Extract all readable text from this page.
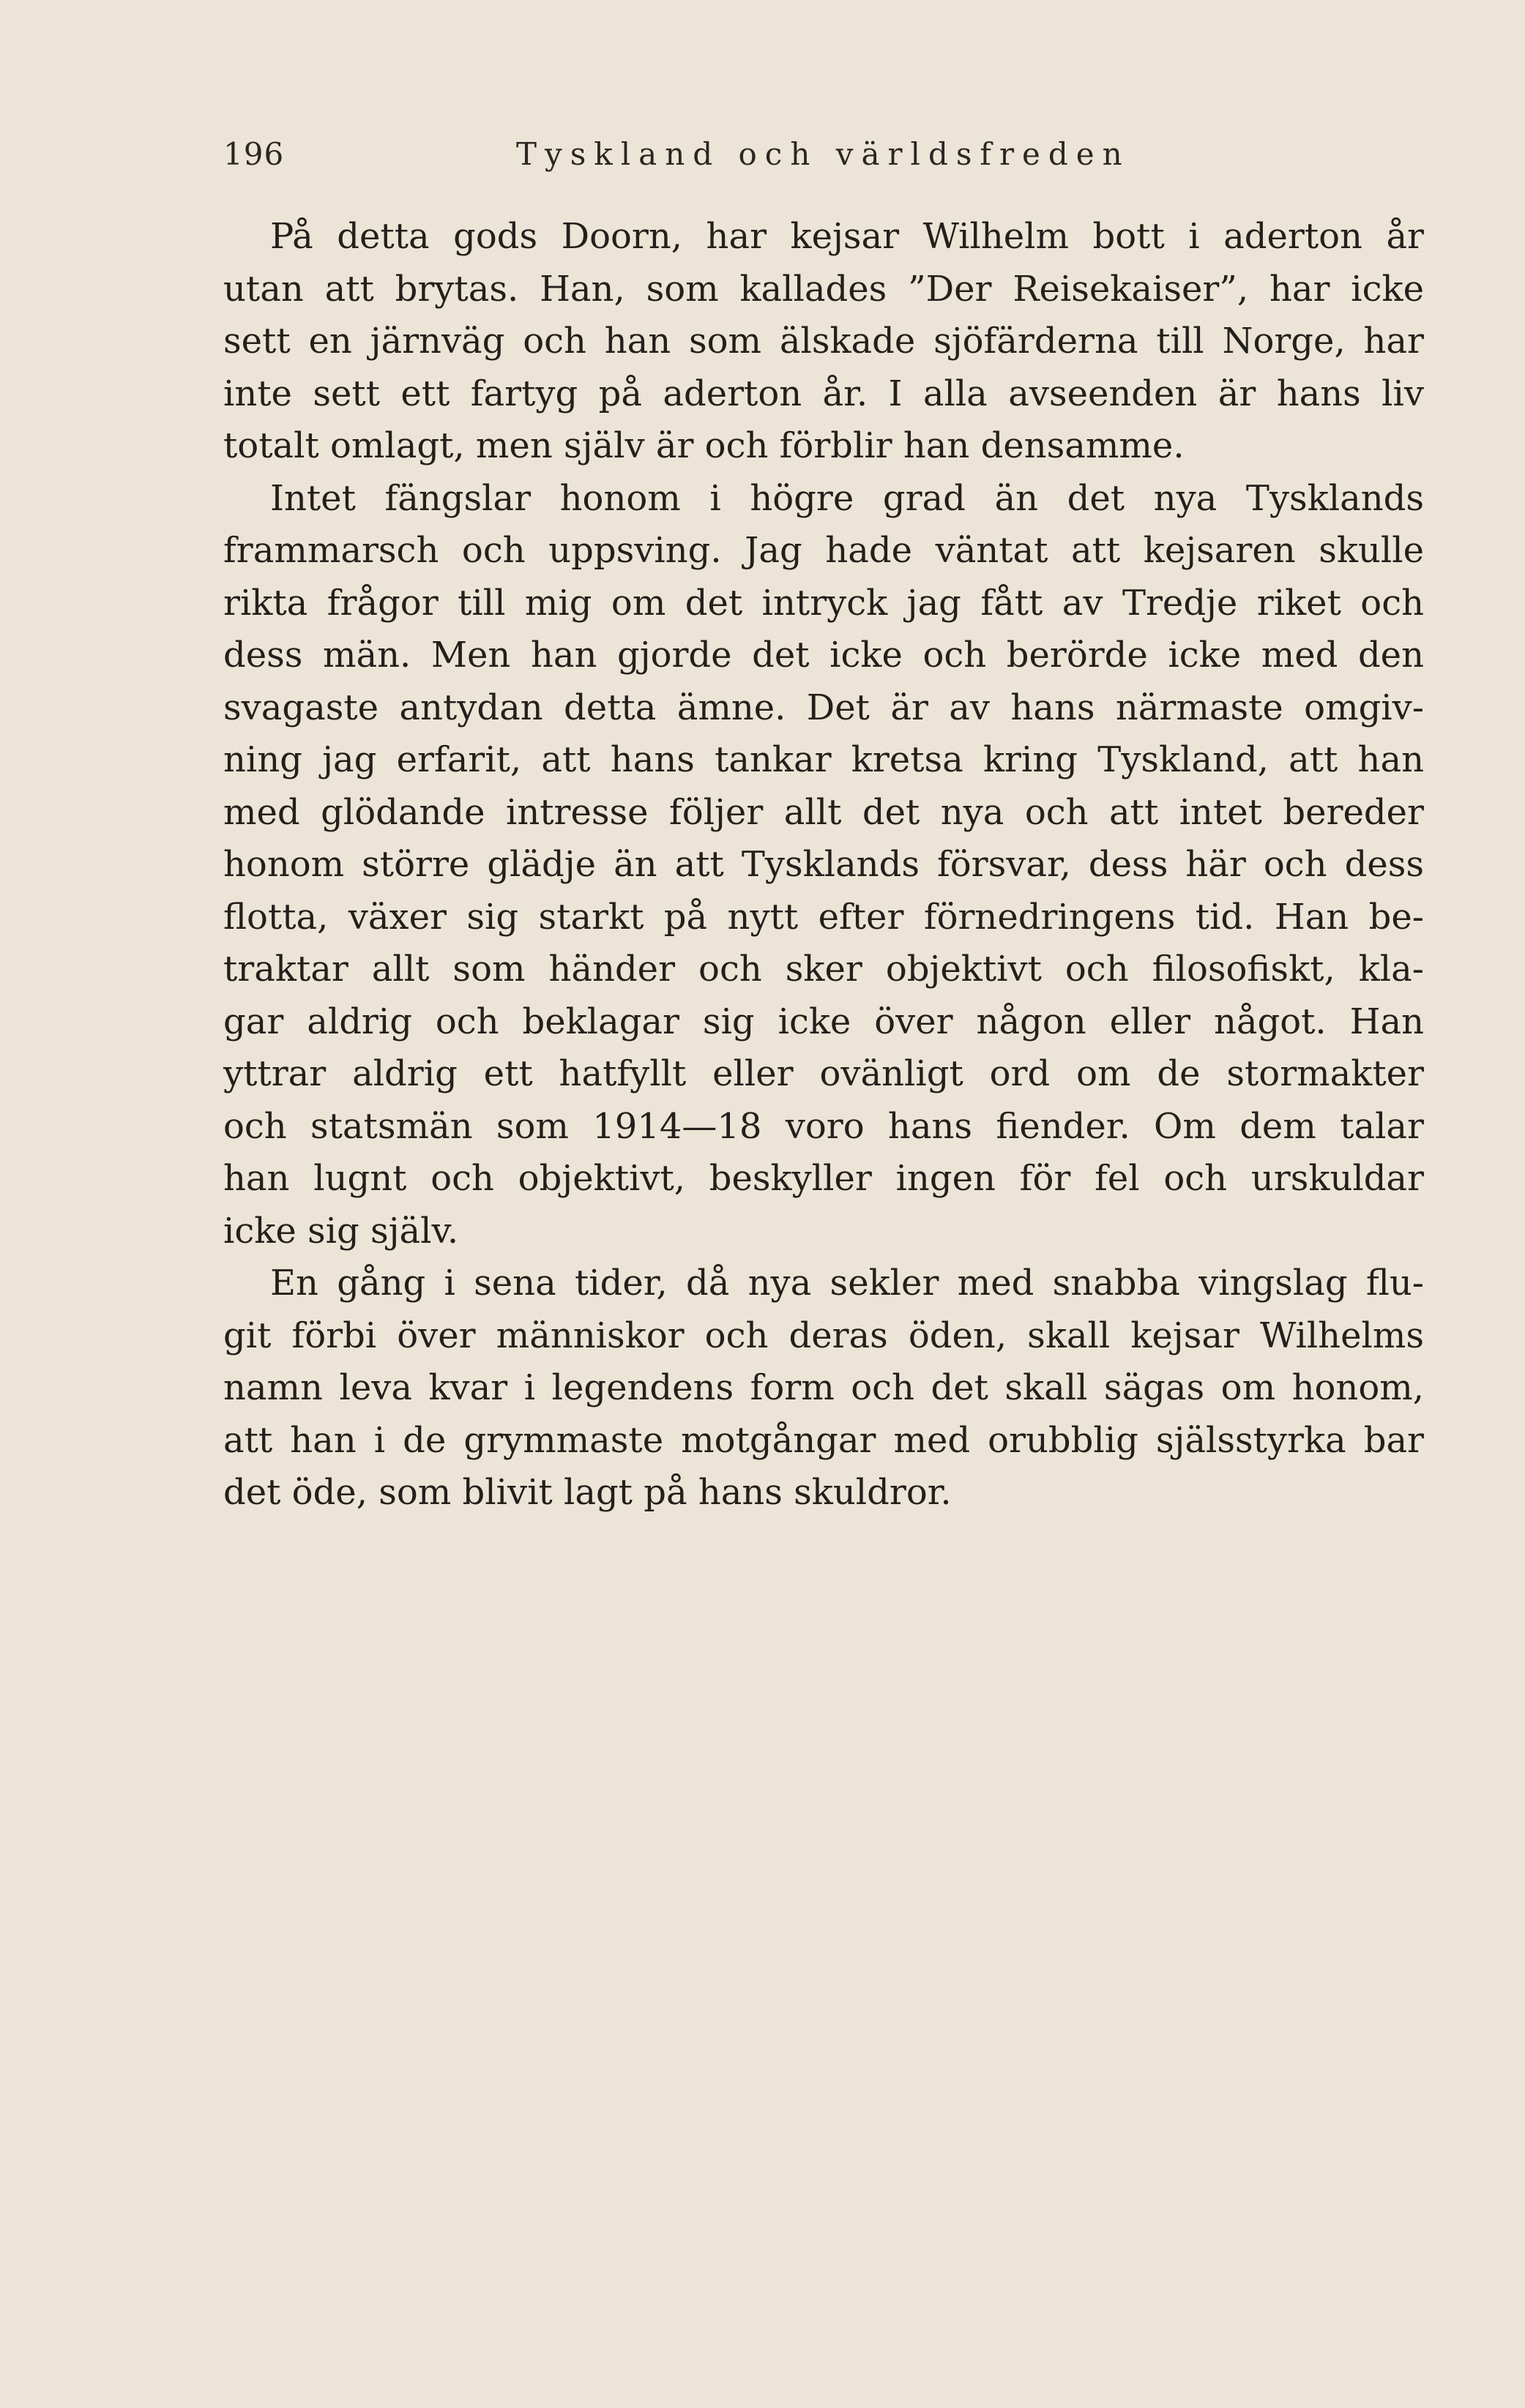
196	Tyskland och världsfreden
På detta gods Doorn, har kejsar Wilhelm bott i aderton år
utan att brytas. Han, som kallades ”Der Reisekaiser”, har icke
sett en järnväg och han som älskade sjöfärderna till Norge, har
inte sett ett fartyg på aderton år. I alla avseenden är hans liv
totalt omlagt, men själv är och förblir han densamme.
Intet fängslar honom i högre grad än det nya Tysklands
frammarsch och uppsving. Jag hade väntat att kejsaren skulle
rikta frågor till mig om det intryck jag fått av Tredje riket och
dess män. Men han gjorde det icke och berörde icke med den
svagaste antydan detta ämne. Det är av hans närmaste omgiv-
ning jag erfarit, att hans tankar kretsa kring Tyskland, att han
med glödande intresse följer allt det nya och att intet bereder
honom större glädje än att Tysklands försvar, dess här och dess
flotta, växer sig starkt på nytt efter förnedringens tid. Han be-
traktar allt som händer och sker objektivt och filosofiskt, kla-
gar aldrig och beklagar sig icke över någon eller något. Han
yttrar aldrig ett hatfyllt eller ovänligt ord om de stormakter
och statsmän som 1914—18 voro hans fiender. Om dem talar
han lugnt och objektivt, beskyller ingen för fel och urskuldar
icke sig själv.
En gång i sena tider, då nya sekler med snabba vingslag flu-
git förbi över människor och deras öden, skall kejsar Wilhelms
namn leva kvar i legendens form och det skall sägas om honom,
att han i de grymmaste motgångar med orubblig själsstyrka bar
det öde, som blivit lagt på hans skuldror.
